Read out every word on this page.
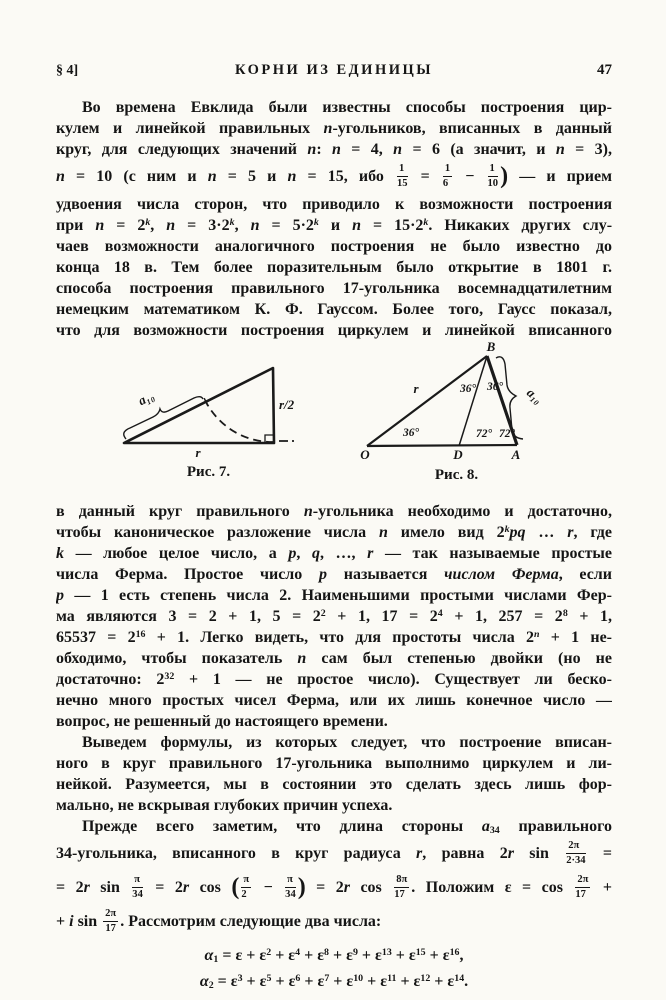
§ 4]	КОРНИ ИЗ ЕДИНИЦЫ	47
Во времена Евклида были известны способы построения цир-
кулем и линейкой правильных n-угольников, вписанных в данный
круг, для следующих значений n: n = 4, n = 6 (а значит, и n = 3),
n = 10 (с ним и n = 5 и n = 15, ибо $\frac{1}{15} = \frac{1}{6} - \frac{1}{10}$ ) — и прием
удвоения числа сторон, что приводило к возможности построения
при $n = 2^k$, $n = 3\cdot 2^k$, $n = 5\cdot 2^k$ и $n = 15\cdot 2^k$. Никаких других слу-
чаев возможности аналогичного построения не было известно до
конца 18 в. Тем более поразительным было открытие в 1801 г.
способа построения правильного 17-угольника восемнадцатилетним
немецким математиком К. Ф. Гауссом. Более того, Гаусс показал,
что для возможности построения циркулем и линейкой вписанного
a₁₀
r
r/2
Рис. 7.
B
O	D	A
r	a₁₀
36°
36° 36°
72° 72°
Рис. 8.
в данный круг правильного n-угольника необходимо и достаточно,
чтобы каноническое разложение числа n имело вид 2$^k$pq … r, где
k — любое целое число, а p, q, …, r — так называемые простые
числа Ферма. Простое число p называется числом Ферма, если
p — 1 есть степень числа 2. Наименьшими простыми числами Фер-
ма являются 3 = 2 + 1, $5 = 2^2 + 1$, $17 = 2^4 + 1$, $257 = 2^8 + 1$,
$65537 = 2^{16} + 1$. Легко видеть, что для простоты числа $2^n + 1$ не-
обходимо, чтобы показатель n сам был степенью двойки (но не
достаточно: $2^{32} + 1$ — не простое число). Существует ли беско-
нечно много простых чисел Ферма, или их лишь конечное число —
вопрос, не решенный до настоящего времени.
Выведем формулы, из которых следует, что построение вписан-
ного в круг правильного 17-угольника выполнимо циркулем и ли-
нейкой. Разумеется, мы в состоянии это сделать здесь лишь фор-
мально, не вскрывая глубоких причин успеха.
Прежде всего заметим, что длина стороны $a_{34}$ правильного
34-угольника, вписанного в круг радиуса r, равна 2r $\sin \frac{2\pi}{2\cdot 34}$ =
= 2r $\sin \frac{\pi}{34} = 2r$ cos ( $\frac{\pi}{2} - \frac{\pi}{34}$ ) = 2r $\cos \frac{8\pi}{17}$ . Положим $\varepsilon = \cos \frac{2\pi}{17}$ +
+ i $\sin \frac{2\pi}{17}$ . Рассмотрим следующие два числа:
$\alpha_1 = \varepsilon + \varepsilon^2 + \varepsilon^4 + \varepsilon^8 + \varepsilon^9 + \varepsilon^{13} + \varepsilon^{15} + \varepsilon^{16}$,
$\alpha_2 = \varepsilon^3 + \varepsilon^5 + \varepsilon^6 + \varepsilon^7 + \varepsilon^{10} + \varepsilon^{11} + \varepsilon^{12} + \varepsilon^{14}$.
